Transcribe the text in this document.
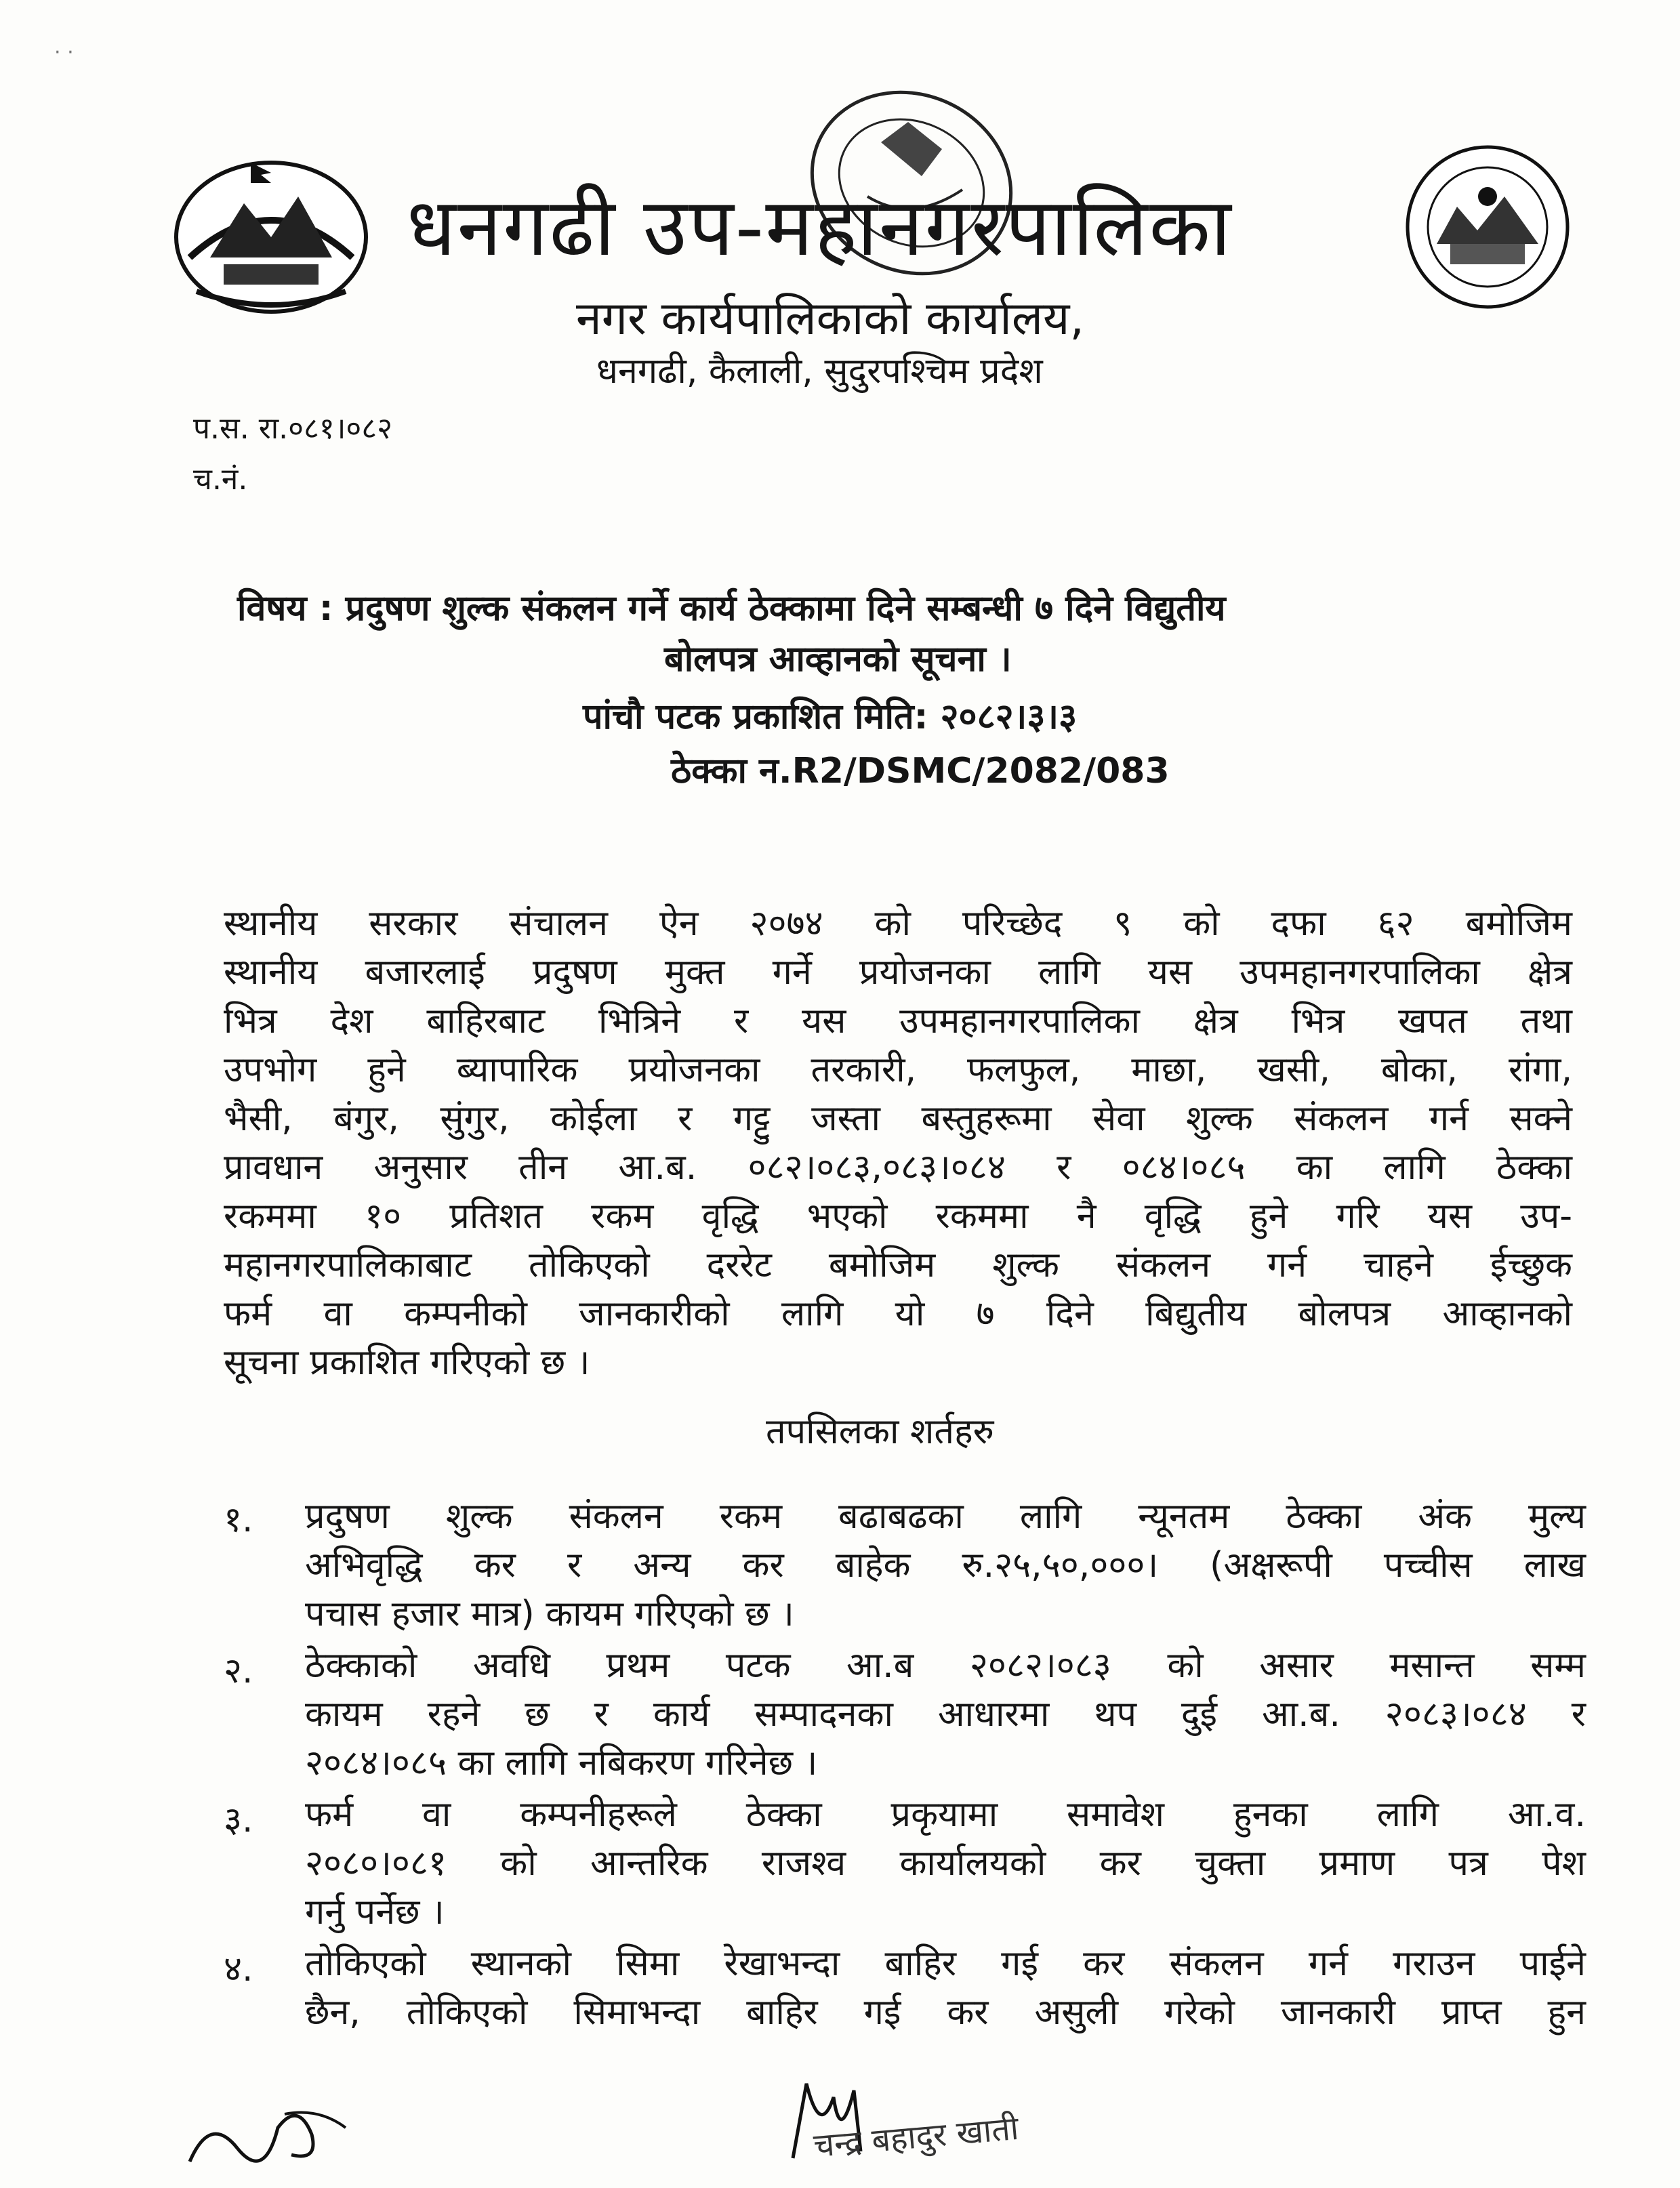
· ·
धनगढी उप-महानगरपालिका
नगर कार्यपालिकाको कार्यालय,
धनगढी, कैलाली, सुदुरपश्चिम प्रदेश
प.स. रा.०८१।०८२
च.नं.
विषय : प्रदुषण शुल्क संकलन गर्ने कार्य ठेक्कामा दिने सम्बन्धी ७ दिने विद्युतीय
बोलपत्र आव्हानको सूचना ।
पांचौ पटक प्रकाशित मिति: २०८२।३।३
ठेक्का न.R2/DSMC/2082/083
स्थानीय सरकार संचालन ऐन २०७४ को परिच्छेद ९ को दफा ६२ बमोजिम
स्थानीय बजारलाई प्रदुषण मुक्त गर्ने प्रयोजनका लागि यस उपमहानगरपालिका क्षेत्र
भित्र देश बाहिरबाट भित्रिने र यस उपमहानगरपालिका क्षेत्र भित्र खपत तथा
उपभोग हुने ब्यापारिक प्रयोजनका तरकारी, फलफुल, माछा, खसी, बोका, रांगा,
भैसी, बंगुर, सुंगुर, कोईला र गट्टु जस्ता बस्तुहरूमा सेवा शुल्क संकलन गर्न सक्ने
प्रावधान अनुसार तीन आ.ब. ०८२।०८३,०८३।०८४ र ०८४।०८५ का लागि ठेक्का
रकममा १० प्रतिशत रकम वृद्धि भएको रकममा नै वृद्धि हुने गरि यस उप-
महानगरपालिकाबाट तोकिएको दररेट बमोजिम शुल्क संकलन गर्न चाहने ईच्छुक
फर्म वा कम्पनीको जानकारीको लागि यो ७ दिने बिद्युतीय बोलपत्र आव्हानको
सूचना प्रकाशित गरिएको छ ।
तपसिलका शर्तहरु
१. प्रदुषण शुल्क संकलन रकम बढाबढका लागि न्यूनतम ठेक्का अंक मुल्य
अभिवृद्धि कर र अन्य कर बाहेक रु.२५,५०,०००। (अक्षरूपी पच्चीस लाख
पचास हजार मात्र) कायम गरिएको छ ।
२. ठेक्काको अवधि प्रथम पटक आ.ब २०८२।०८३ को असार मसान्त सम्म
कायम रहने छ र कार्य सम्पादनका आधारमा थप दुई आ.ब. २०८३।०८४ र
२०८४।०८५ का लागि नबिकरण गरिनेछ ।
३. फर्म वा कम्पनीहरूले ठेक्का प्रकृयामा समावेश हुनका लागि आ.व.
२०८०।०८१ को आन्तरिक राजश्व कार्यालयको कर चुक्ता प्रमाण पत्र पेश
गर्नु पर्नेछ ।
४. तोकिएको स्थानको सिमा रेखाभन्दा बाहिर गई कर संकलन गर्न गराउन पाईने
छैन, तोकिएको सिमाभन्दा बाहिर गई कर असुली गरेको जानकारी प्राप्त हुन
चन्द्र बहादुर खाती
